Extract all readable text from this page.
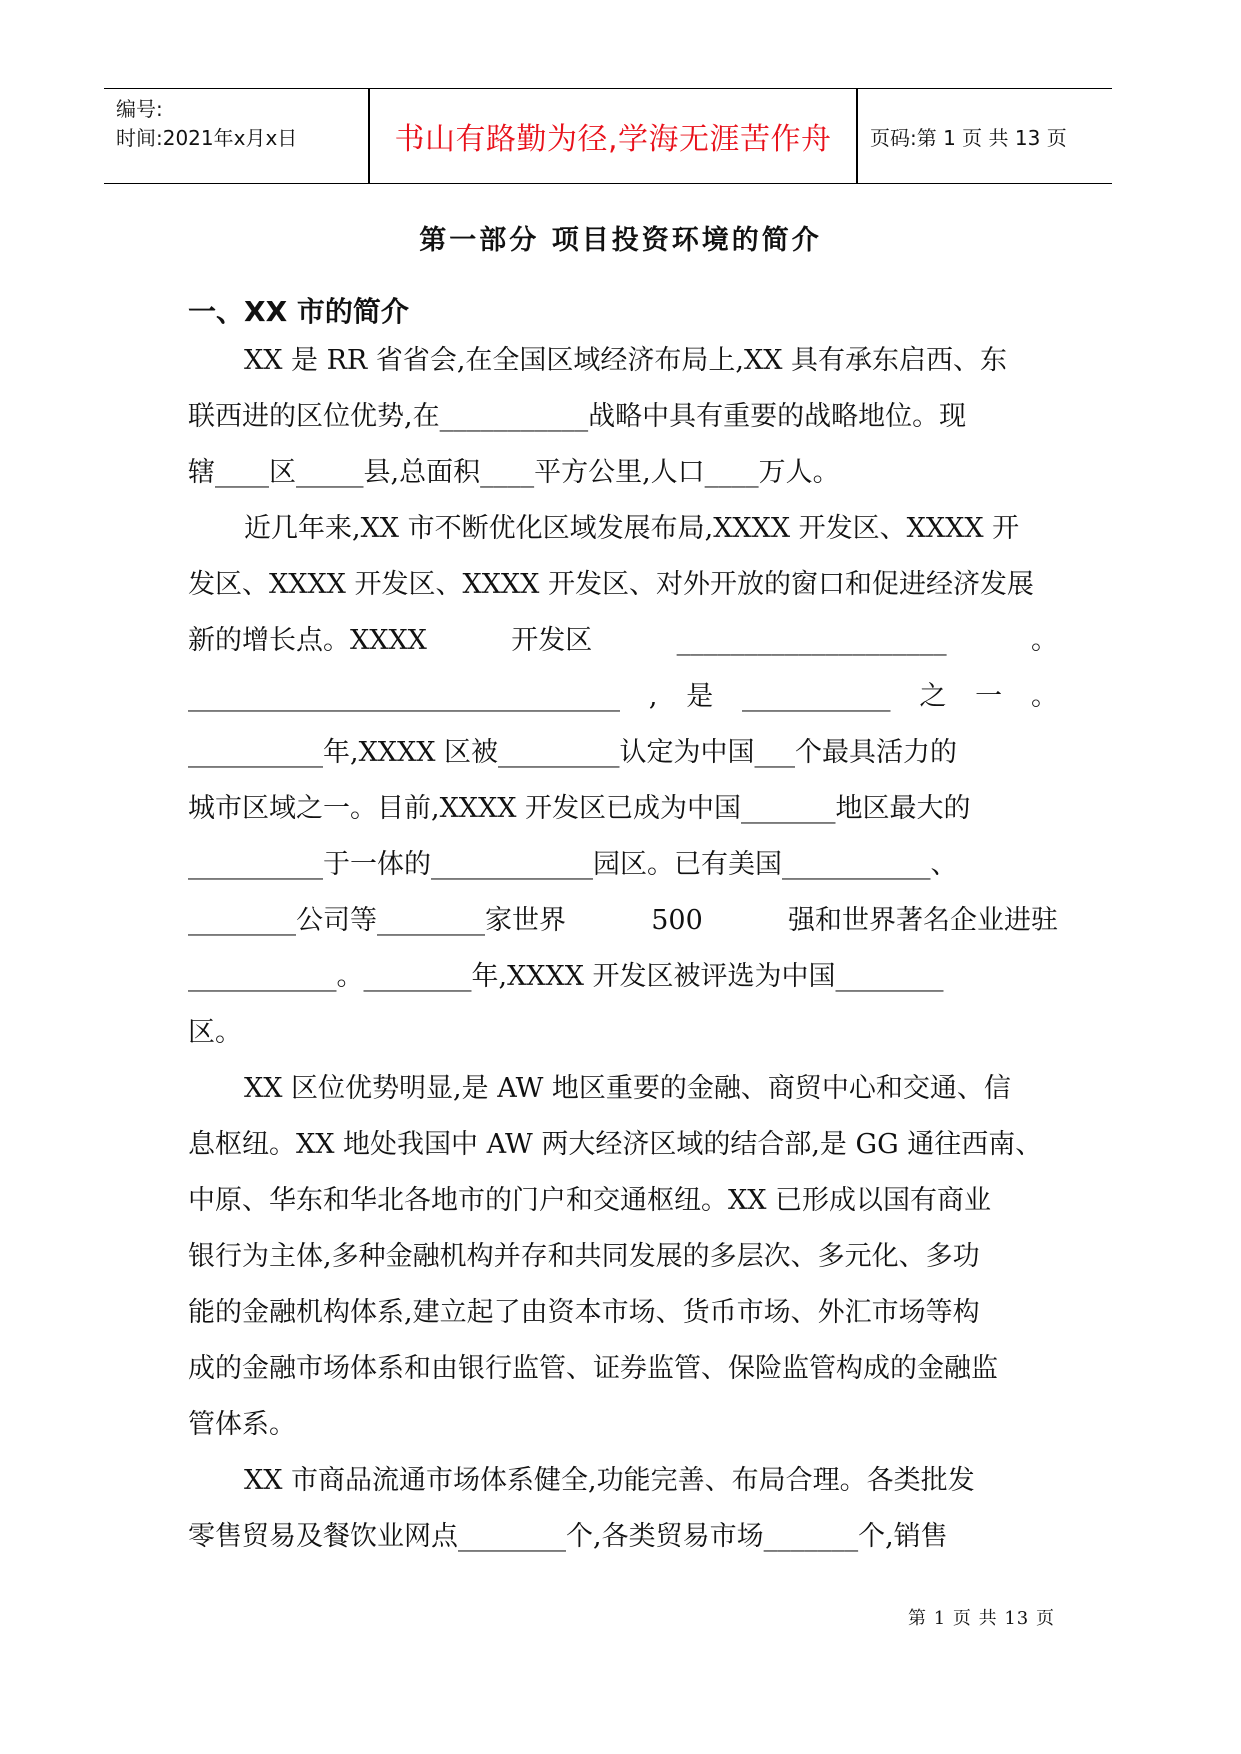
编号:
时间:2021年x月x日	书山有路勤为径,学海无涯苦作舟	页码:第 1 页 共 13 页
第一部分 项目投资环境的简介
一、XX 市的简介
XX 是 RR 省省会,在全国区域经济布局上,XX 具有承东启西、东
联西进的区位优势,在___________战略中具有重要的战略地位。现
辖____区_____县,总面积____平方公里,人口____万人。
近几年来,XX 市不断优化区域发展布局,XXXX 开发区、XXXX 开
发区、XXXX 开发区、XXXX 开发区、对外开放的窗口和促进经济发展
新的增长点。XXXX	开发区	____________________	。
________________________________ , 是 ___________ 之 一 。
__________年,XXXX 区被_________认定为中国___个最具活力的
城市区域之一。目前,XXXX 开发区已成为中国_______地区最大的
__________于一体的____________园区。已有美国___________、
________公司等________家世界	500	强和世界著名企业进驻
___________。________年,XXXX 开发区被评选为中国________
区。
XX 区位优势明显,是 AW 地区重要的金融、商贸中心和交通、信
息枢纽。XX 地处我国中 AW 两大经济区域的结合部,是 GG 通往西南、
中原、华东和华北各地市的门户和交通枢纽。XX 已形成以国有商业
银行为主体,多种金融机构并存和共同发展的多层次、多元化、多功
能的金融机构体系,建立起了由资本市场、货币市场、外汇市场等构
成的金融市场体系和由银行监管、证券监管、保险监管构成的金融监
管体系。
XX 市商品流通市场体系健全,功能完善、布局合理。各类批发
零售贸易及餐饮业网点________个,各类贸易市场_______个,销售
第 1 页 共 13 页
